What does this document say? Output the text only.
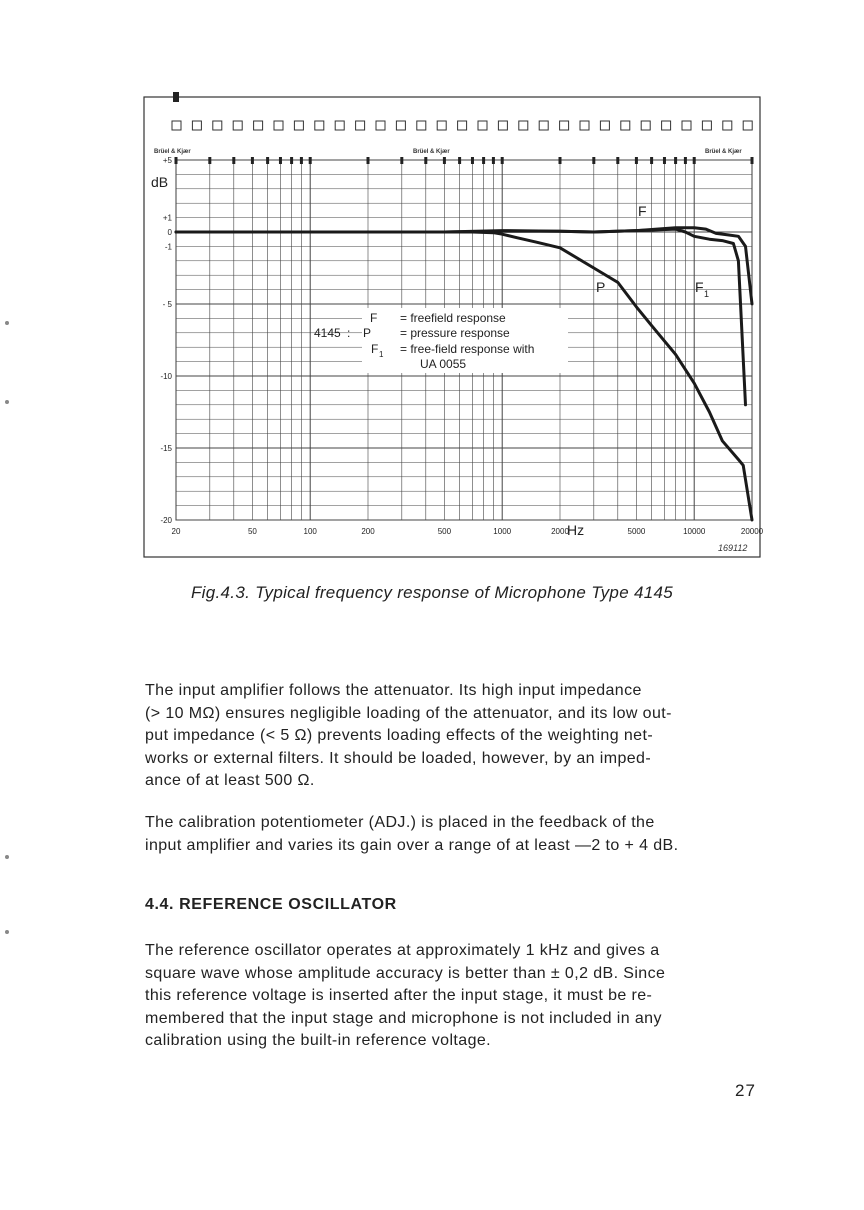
Brüel & Kjær	Brüel & Kjær	Brüel & Kjær
4145 :
F = freefield response
P = pressure response
F 1 = free-field response with
UA 0055
F
P	F 1
dB
+5
+1
0
-1
- 5
-10
-15
-20
20	50	100	200	500	1000	2000	5000	10000	20000
Hz
169112
Fig.4.3. Typical frequency response of Microphone Type 4145
The input amplifier follows the attenuator. Its high input impedance
(> 10 MΩ) ensures negligible loading of the attenuator, and its low out-
put impedance (< 5 Ω) prevents loading effects of the weighting net-
works or external filters. It should be loaded, however, by an imped-
ance of at least 500 Ω.
The calibration potentiometer (ADJ.) is placed in the feedback of the
input amplifier and varies its gain over a range of at least —2 to + 4 dB.
4.4. REFERENCE OSCILLATOR
The reference oscillator operates at approximately 1 kHz and gives a
square wave whose amplitude accuracy is better than ± 0,2 dB. Since
this reference voltage is inserted after the input stage, it must be re-
membered that the input stage and microphone is not included in any
calibration using the built-in reference voltage.
27
